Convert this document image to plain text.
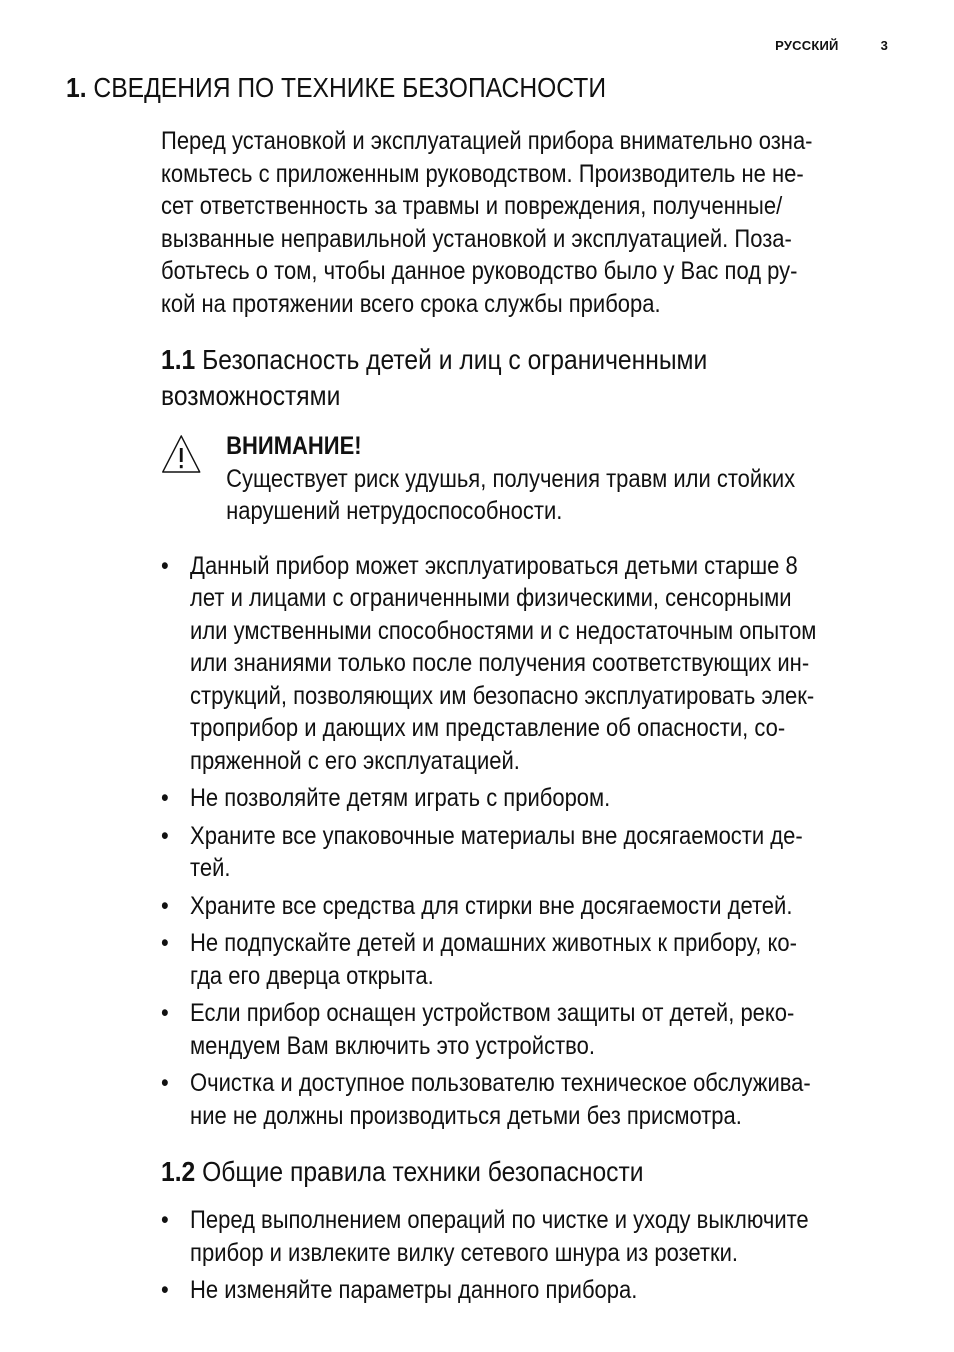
РУССКИЙ	3
1. СВЕДЕНИЯ ПО ТЕХНИКЕ БЕЗОПАСНОСТИ

Перед установкой и эксплуатацией прибора внимательно озна-
комьтесь с приложенным руководством. Производитель не не-
сет ответственность за травмы и повреждения, полученные/
вызванные неправильной установкой и эксплуатацией. Поза-
ботьтесь о том, чтобы данное руководство было у Вас под ру-
кой на протяжении всего срока службы прибора.

1.1 Безопасность детей и лиц с ограниченными

возможностями

ВНИМАНИЕ!
Существует риск удушья, получения травм или стойких
нарушений нетрудоспособности.
• Данный прибор может эксплуатироваться детьми старше 8
лет и лицами с ограниченными физическими, сенсорными
или умственными способностями и с недостаточным опытом
или знаниями только после получения соответствующих ин-
струкций, позволяющих им безопасно эксплуатировать элек-
троприбор и дающих им представление об опасности, со-
пряженной с его эксплуатацией.
• Не позволяйте детям играть с прибором.
• Храните все упаковочные материалы вне досягаемости де-
тей.
• Храните все средства для стирки вне досягаемости детей.
• Не подпускайте детей и домашних животных к прибору, ко-
гда его дверца открыта.
• Если прибор оснащен устройством защиты от детей, реко-
мендуем Вам включить это устройство.
• Очистка и доступное пользователю техническое обслужива-
ние не должны производиться детьми без присмотра.

1.2 Общие правила техники безопасности

• Перед выполнением операций по чистке и уходу выключите
прибор и извлеките вилку сетевого шнура из розетки.
• Не изменяйте параметры данного прибора.
